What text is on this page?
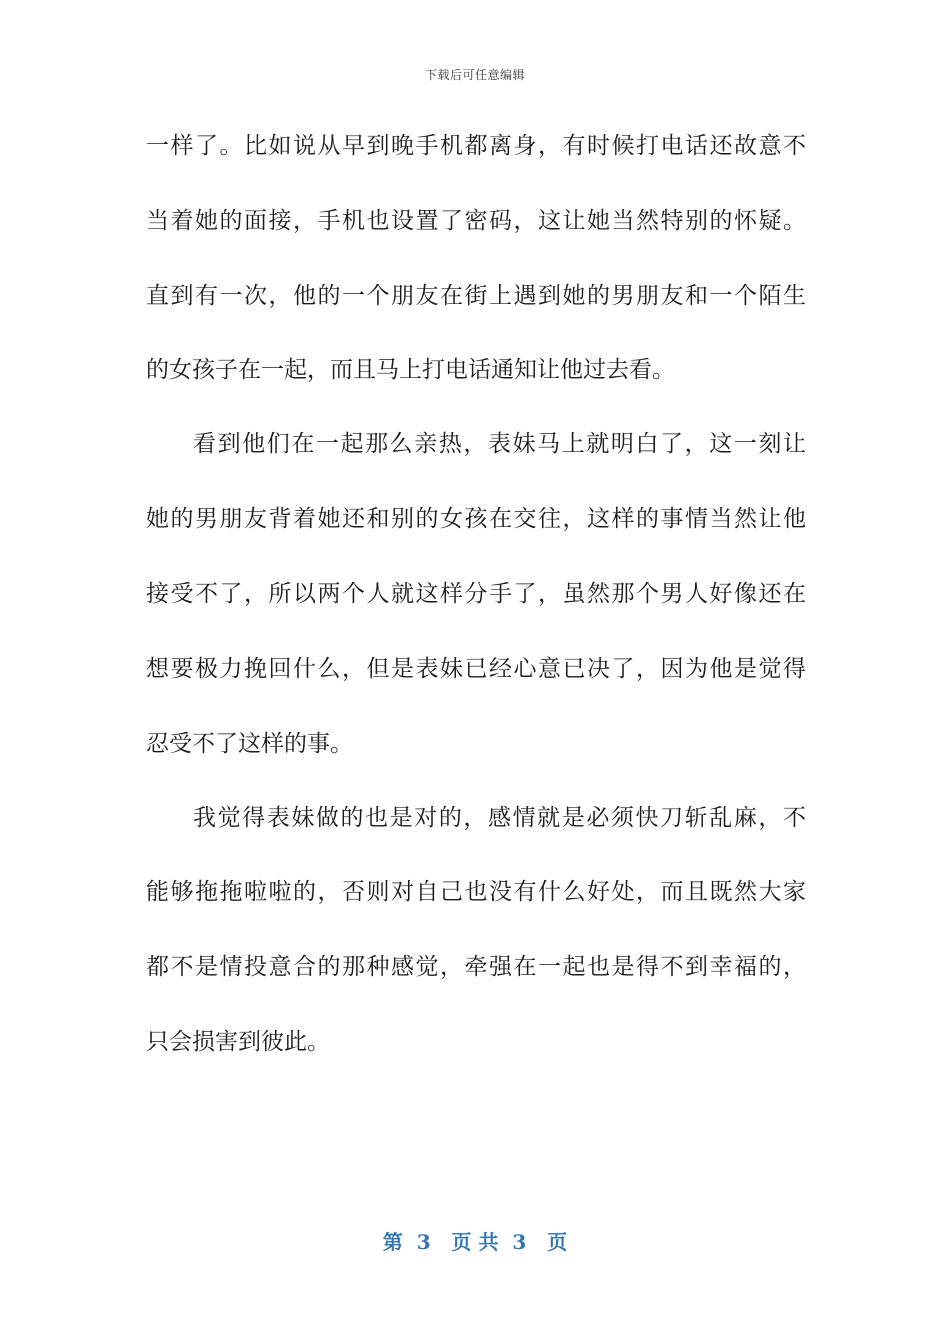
下载后可任意编辑
一样了。比如说从早到晚手机都离身，有时候打电话还故意不
当着她的面接，手机也设置了密码，这让她当然特别的怀疑。
直到有一次，他的一个朋友在街上遇到她的男朋友和一个陌生
的女孩子在一起，而且马上打电话通知让他过去看。
看到他们在一起那么亲热，表妹马上就明白了，这一刻让
她的男朋友背着她还和别的女孩在交往，这样的事情当然让他
接受不了，所以两个人就这样分手了，虽然那个男人好像还在
想要极力挽回什么，但是表妹已经心意已决了，因为他是觉得
忍受不了这样的事。
我觉得表妹做的也是对的，感情就是必须快刀斩乱麻，不
能够拖拖啦啦的，否则对自己也没有什么好处，而且既然大家
都不是情投意合的那种感觉，牵强在一起也是得不到幸福的，
只会损害到彼此。
第  3   页 共  3   页
